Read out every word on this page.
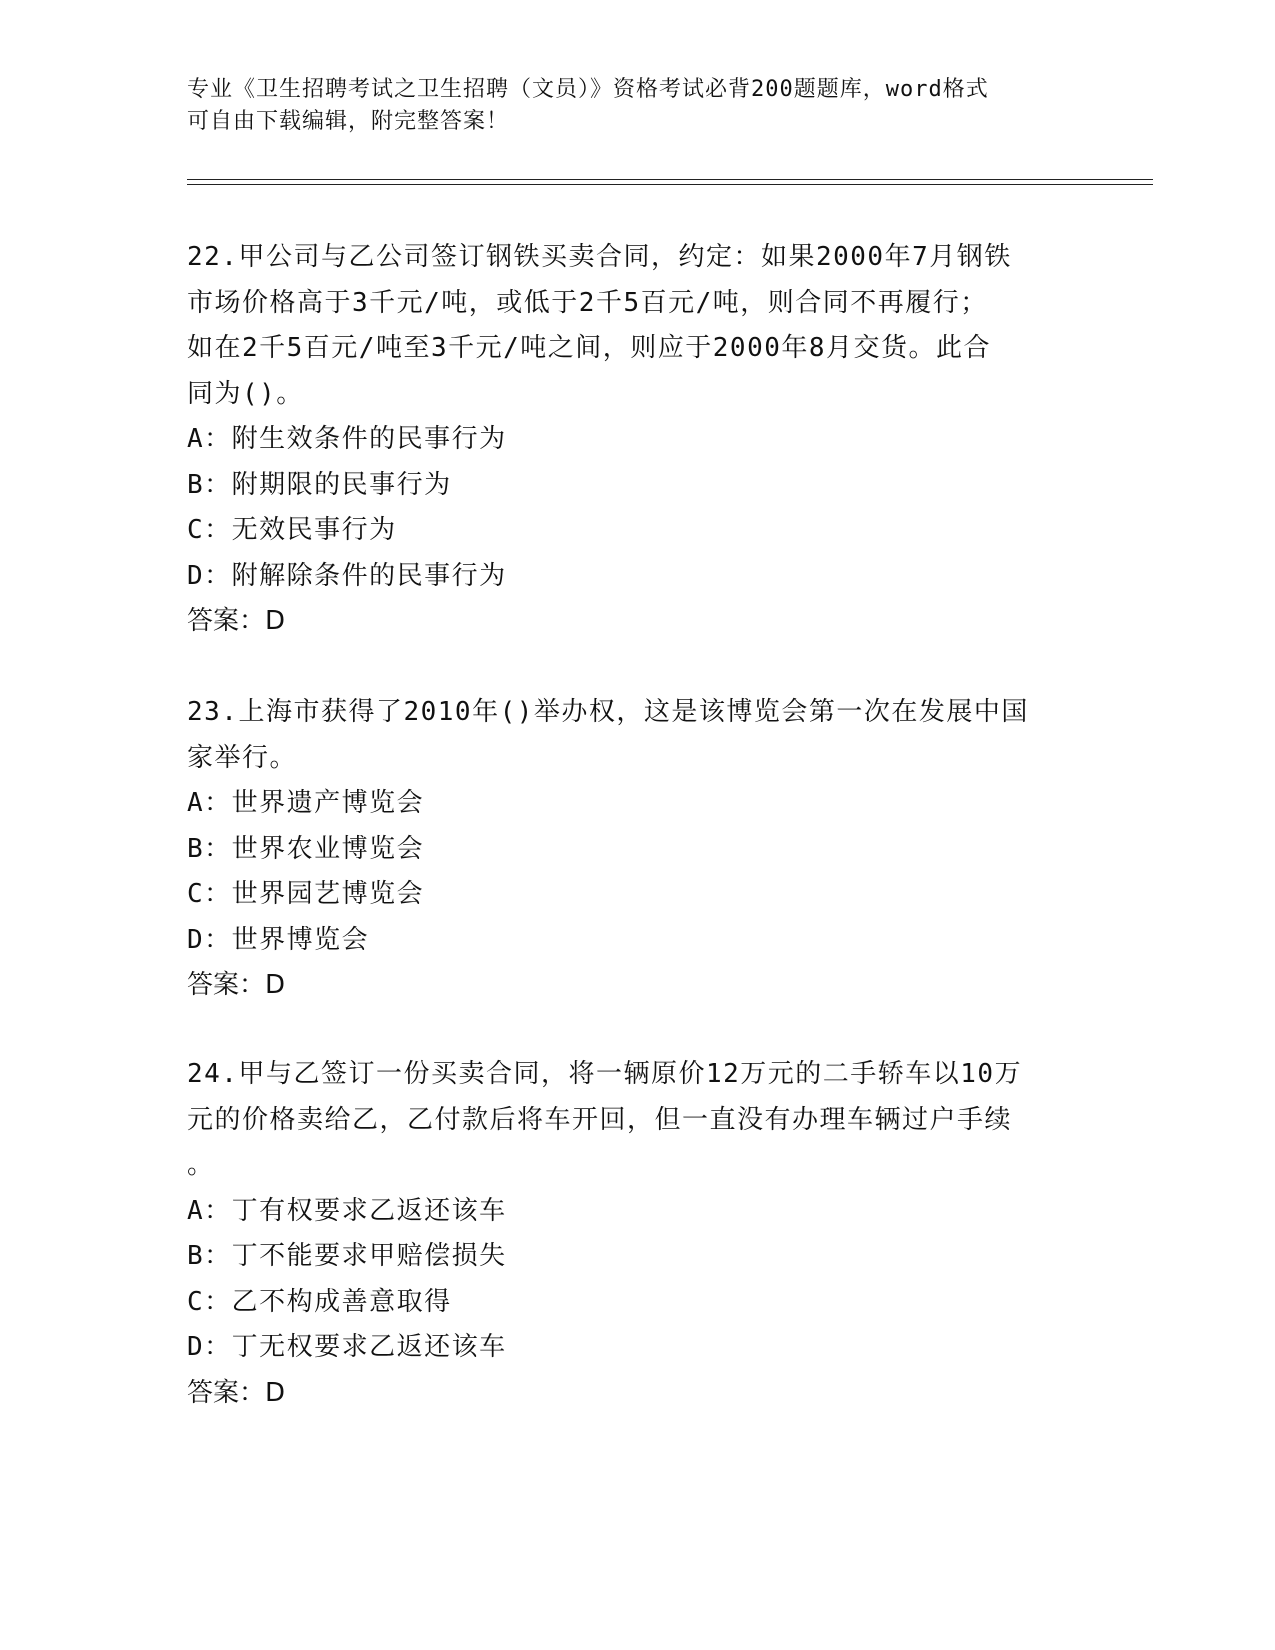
专业《卫生招聘考试之卫生招聘（文员）》资格考试必背200题题库，word格式
可自由下载编辑，附完整答案！
22.甲公司与乙公司签订钢铁买卖合同，约定：如果2000年7月钢铁
市场价格高于3千元/吨，或低于2千5百元/吨，则合同不再履行；
如在2千5百元/吨至3千元/吨之间，则应于2000年8月交货。此合
同为()。
A：附生效条件的民事行为
B：附期限的民事行为
C：无效民事行为
D：附解除条件的民事行为
答案：D
23.上海市获得了2010年()举办权，这是该博览会第一次在发展中国
家举行。
A：世界遗产博览会
B：世界农业博览会
C：世界园艺博览会
D：世界博览会
答案：D
24.甲与乙签订一份买卖合同，将一辆原价12万元的二手轿车以10万
元的价格卖给乙，乙付款后将车开回，但一直没有办理车辆过户手续
。
A：丁有权要求乙返还该车
B：丁不能要求甲赔偿损失
C：乙不构成善意取得
D：丁无权要求乙返还该车
答案：D
